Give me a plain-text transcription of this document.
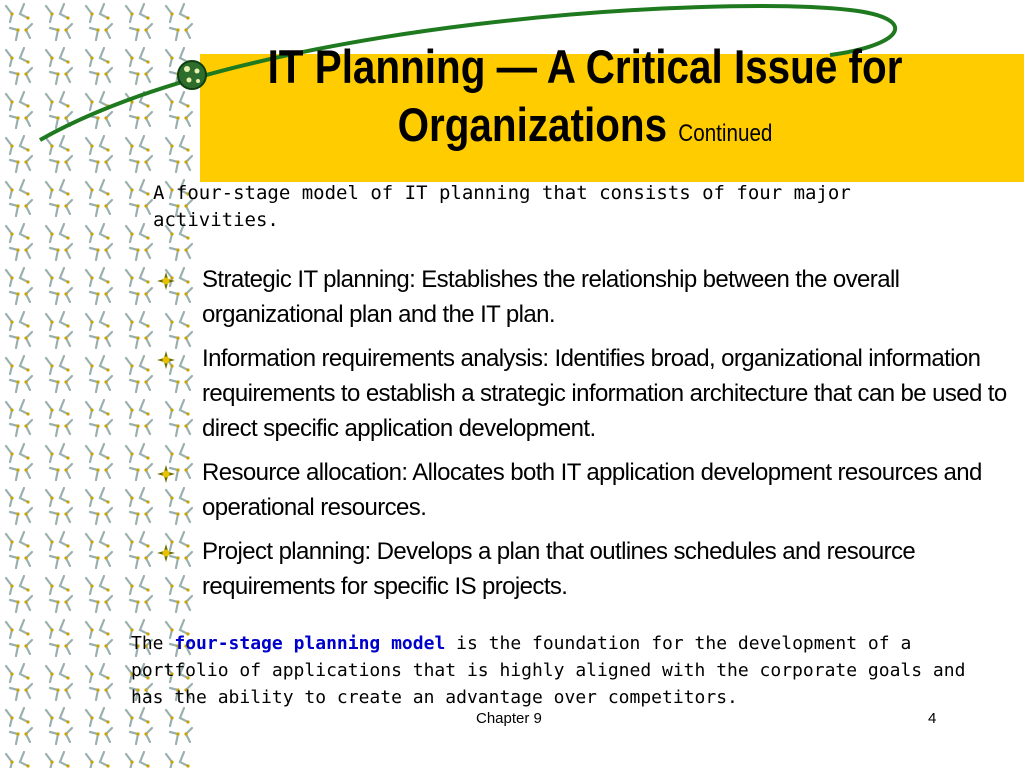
IT Planning — A Critical Issue for Organizations Continued
A four-stage model of IT planning that consists of four major activities.
Strategic IT planning: Establishes the relationship between the overall organizational plan and the IT plan.
Information requirements analysis: Identifies broad, organizational information requirements to establish a strategic information architecture that can be used to direct specific application development.
Resource allocation: Allocates both IT application development resources and operational resources.
Project planning: Develops a plan that outlines schedules and resource requirements for specific IS projects.
The four-stage planning model is the foundation for the development of a portfolio of applications that is highly aligned with the corporate goals and has the ability to create an advantage over competitors.
Chapter 9	4
